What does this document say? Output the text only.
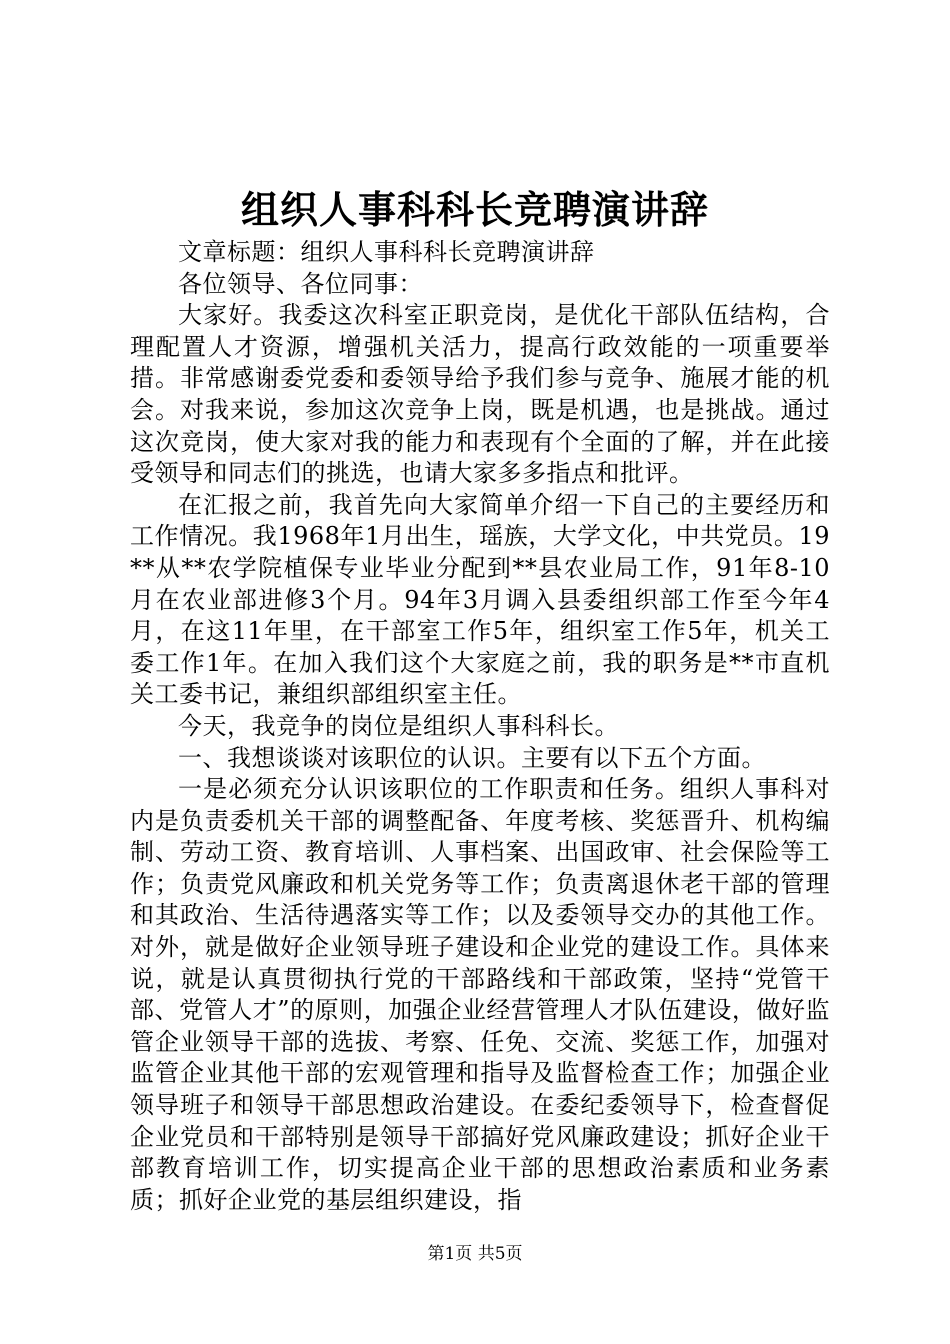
组织人事科科长竞聘演讲辞

文章标题：组织人事科科长竞聘演讲辞

各位领导、各位同事：

大家好。我委这次科室正职竞岗，是优化干部队伍结构，合理配置人才资源，增强机关活力，提高行政效能的一项重要举措。非常感谢委党委和委领导给予我们参与竞争、施展才能的机会。对我来说，参加这次竞争上岗，既是机遇，也是挑战。通过这次竞岗，使大家对我的能力和表现有个全面的了解，并在此接受领导和同志们的挑选，也请大家多多指点和批评。

在汇报之前，我首先向大家简单介绍一下自己的主要经历和工作情况。我1968年1月出生，瑶族，大学文化，中共党员。19**从**农学院植保专业毕业分配到**县农业局工作，91年8-10月在农业部进修3个月。94年3月调入县委组织部工作至今年4月，在这11年里，在干部室工作5年，组织室工作5年，机关工委工作1年。在加入我们这个大家庭之前，我的职务是**市直机关工委书记，兼组织部组织室主任。

今天，我竞争的岗位是组织人事科科长。

一、我想谈谈对该职位的认识。主要有以下五个方面。

一是必须充分认识该职位的工作职责和任务。组织人事科对内是负责委机关干部的调整配备、年度考核、奖惩晋升、机构编制、劳动工资、教育培训、人事档案、出国政审、社会保险等工作；负责党风廉政和机关党务等工作；负责离退休老干部的管理和其政治、生活待遇落实等工作；以及委领导交办的其他工作。对外，就是做好企业领导班子建设和企业党的建设工作。具体来说，就是认真贯彻执行党的干部路线和干部政策，坚持“党管干部、党管人才”的原则，加强企业经营管理人才队伍建设，做好监管企业领导干部的选拔、考察、任免、交流、奖惩工作，加强对监管企业其他干部的宏观管理和指导及监督检查工作；加强企业领导班子和领导干部思想政治建设。在委纪委领导下，检查督促企业党员和干部特别是领导干部搞好党风廉政建设；抓好企业干部教育培训工作，切实提高企业干部的思想政治素质和业务素质；抓好企业党的基层组织建设，指

第1页 共5页
